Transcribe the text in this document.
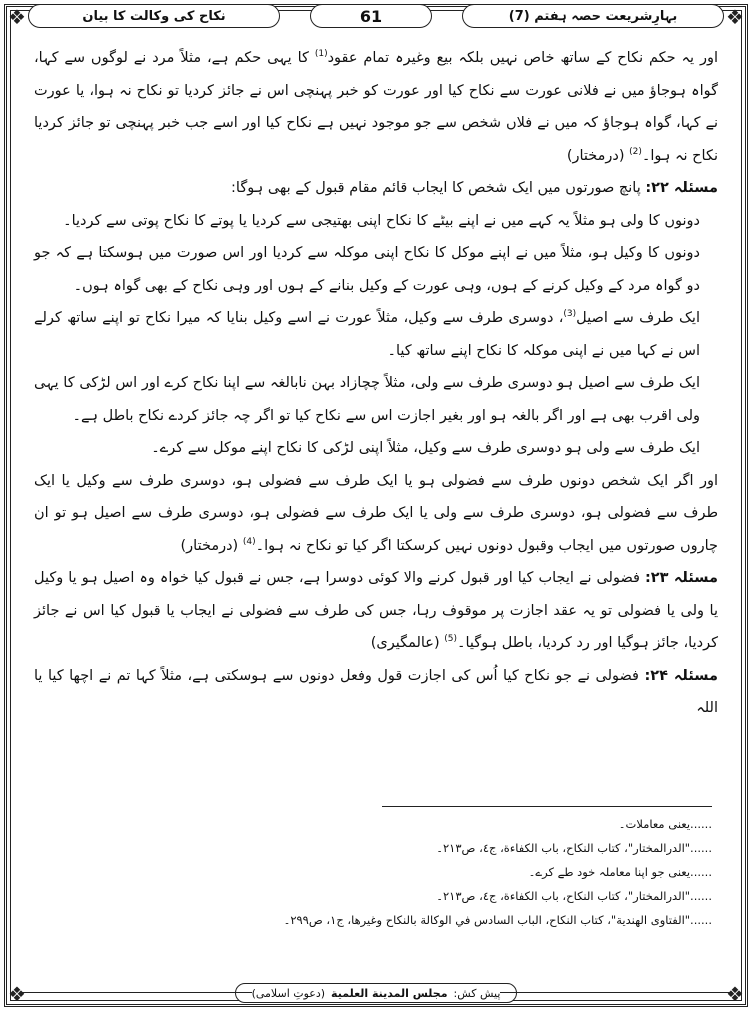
❖	❖
❖	❖
بہارِشریعت حصہ ہفتم (7)
61
نکاح کی وکالت کا بیان

اور یہ حکم نکاح کے ساتھ خاص نہیں بلکہ بیع وغیرہ تمام عقود$^{(1)}$ کا یہی حکم ہے، مثلاً مرد نے لوگوں سے کہا، گواہ ہوجاؤ میں نے فلانی عورت سے نکاح کیا اور عورت کو خبر پہنچی اس نے جائز کردیا تو نکاح نہ ہوا، یا عورت نے کہا، گواہ ہوجاؤ کہ میں نے فلاں شخص سے جو موجود نہیں ہے نکاح کیا اور اسے جب خبر پہنچی تو جائز کردیا نکاح نہ ہوا۔$^{(2)}$ (درمختار)

مسئلہ ۲۲: پانچ صورتوں میں ایک شخص کا ایجاب قائم مقام قبول کے بھی ہوگا:

دونوں کا ولی ہو مثلاً یہ کہے میں نے اپنے بیٹے کا نکاح اپنی بھتیجی سے کردیا یا پوتے کا نکاح پوتی سے کردیا۔

دونوں کا وکیل ہو، مثلاً میں نے اپنے موکل کا نکاح اپنی موکلہ سے کردیا اور اس صورت میں ہوسکتا ہے کہ جو دو گواہ مرد کے وکیل کرنے کے ہوں، وہی عورت کے وکیل بنانے کے ہوں اور وہی نکاح کے بھی گواہ ہوں۔

ایک طرف سے اصیل$^{(3)}$، دوسری طرف سے وکیل، مثلاً عورت نے اسے وکیل بنایا کہ میرا نکاح تو اپنے ساتھ کرلے اس نے کہا میں نے اپنی موکلہ کا نکاح اپنے ساتھ کیا۔

ایک طرف سے اصیل ہو دوسری طرف سے ولی، مثلاً چچازاد بہن نابالغہ سے اپنا نکاح کرے اور اس لڑکی کا یہی ولی اقرب بھی ہے اور اگر بالغہ ہو اور بغیر اجازت اس سے نکاح کیا تو اگر چہ جائز کردے نکاح باطل ہے۔

ایک طرف سے ولی ہو دوسری طرف سے وکیل، مثلاً اپنی لڑکی کا نکاح اپنے موکل سے کرے۔

اور اگر ایک شخص دونوں طرف سے فضولی ہو یا ایک طرف سے فضولی ہو، دوسری طرف سے وکیل یا ایک طرف سے فضولی ہو، دوسری طرف سے ولی یا ایک طرف سے فضولی ہو، دوسری طرف سے اصیل ہو تو ان چاروں صورتوں میں ایجاب وقبول دونوں نہیں کرسکتا اگر کیا تو نکاح نہ ہوا۔$^{(4)}$ (درمختار)

مسئلہ ۲۳: فضولی نے ایجاب کیا اور قبول کرنے والا کوئی دوسرا ہے، جس نے قبول کیا خواہ وہ اصیل ہو یا وکیل یا ولی یا فضولی تو یہ عقد اجازت پر موقوف رہا، جس کی طرف سے فضولی نے ایجاب یا قبول کیا اس نے جائز کردیا، جائز ہوگیا اور رد کردیا، باطل ہوگیا۔$^{(5)}$ (عالمگیری)

مسئلہ ۲۴: فضولی نے جو نکاح کیا اُس کی اجازت قول وفعل دونوں سے ہوسکتی ہے، مثلاً کہا تم نے اچھا کیا یا اللہ

......یعنی معاملات۔
......"الدرالمختار"، کتاب النکاح، باب الکفاءة، ج٤، ص٢١٣۔
......یعنی جو اپنا معاملہ خود طے کرے۔
......"الدرالمختار"، کتاب النکاح، باب الکفاءة، ج٤، ص٢١٣۔
......"الفتاوی الهندية"، کتاب النکاح، الباب السادس في الوکالة بالنکاح وغيرها، ج١، ص٢٩٩۔
پیش کش:
مجلس المدینة العلمیة
(دعوتِ اسلامی)
